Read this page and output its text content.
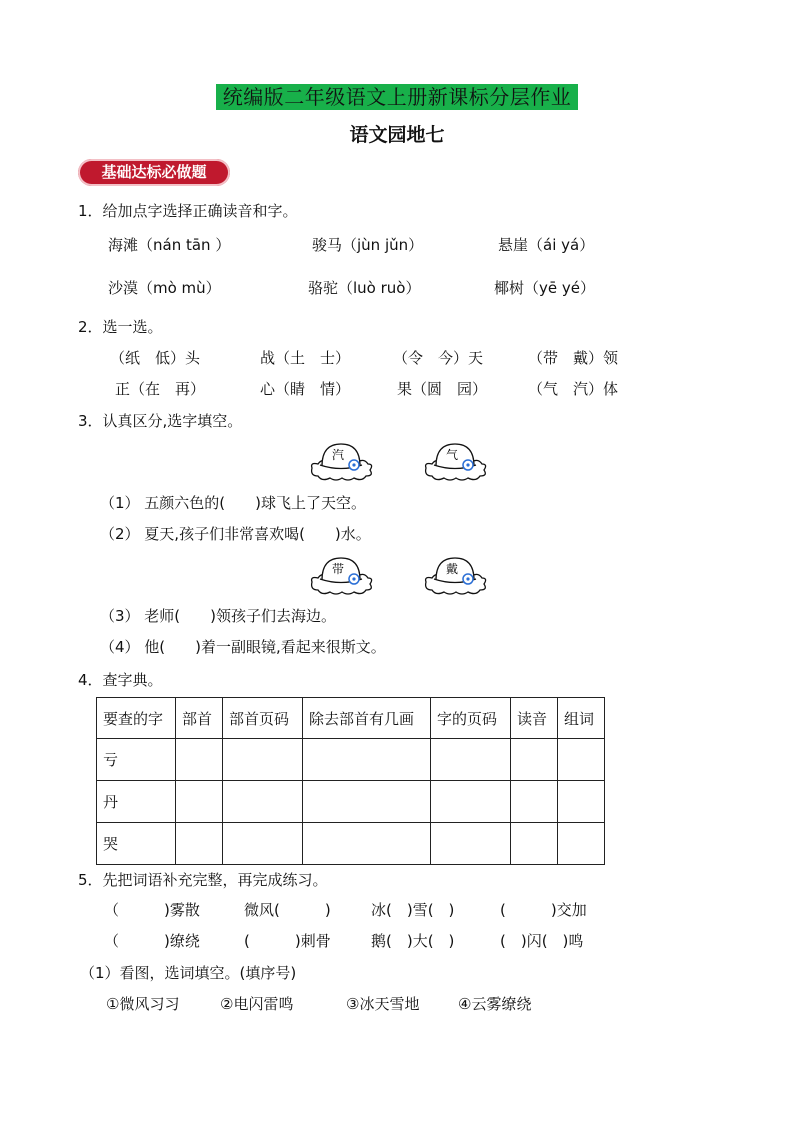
统编版二年级语文上册新课标分层作业
语文园地七
基础达标必做题
1．给加点字选择正确读音和字。
海滩（nán tān ）	骏马（jùn jǔn）	悬崖（ái yá）
沙漠（mò mù）	骆驼（luò ruò）	椰树（yē yé）
2．选一选。
（纸　低）头	战（土　士）	（令　今）天	（带　戴）领
正（在　再）	心（睛　情）	果（圆　园）	（气　汽）体
3．认真区分,选字填空。
汽	气
（1） 五颜六色的(　　)球飞上了天空。
（2） 夏天,孩子们非常喜欢喝(　　)水。
带	戴
（3） 老师(　　)领孩子们去海边。
（4） 他(　　)着一副眼镜,看起来很斯文。
4．查字典。
要查的字	部首	部首页码	除去部首有几画	字的页码	读音	组词
亏						
丹						
哭						
5．先把词语补充完整，再完成练习。
（　　　)雾散	微风(　　　)	冰(　)雪(　)	(　　　)交加
（　　　)缭绕	(　　　)刺骨	鹅(　)大(　)	(　)闪(　)鸣
（1）看图，选词填空。(填序号)
①微风习习	②电闪雷鸣	③冰天雪地	④云雾缭绕
